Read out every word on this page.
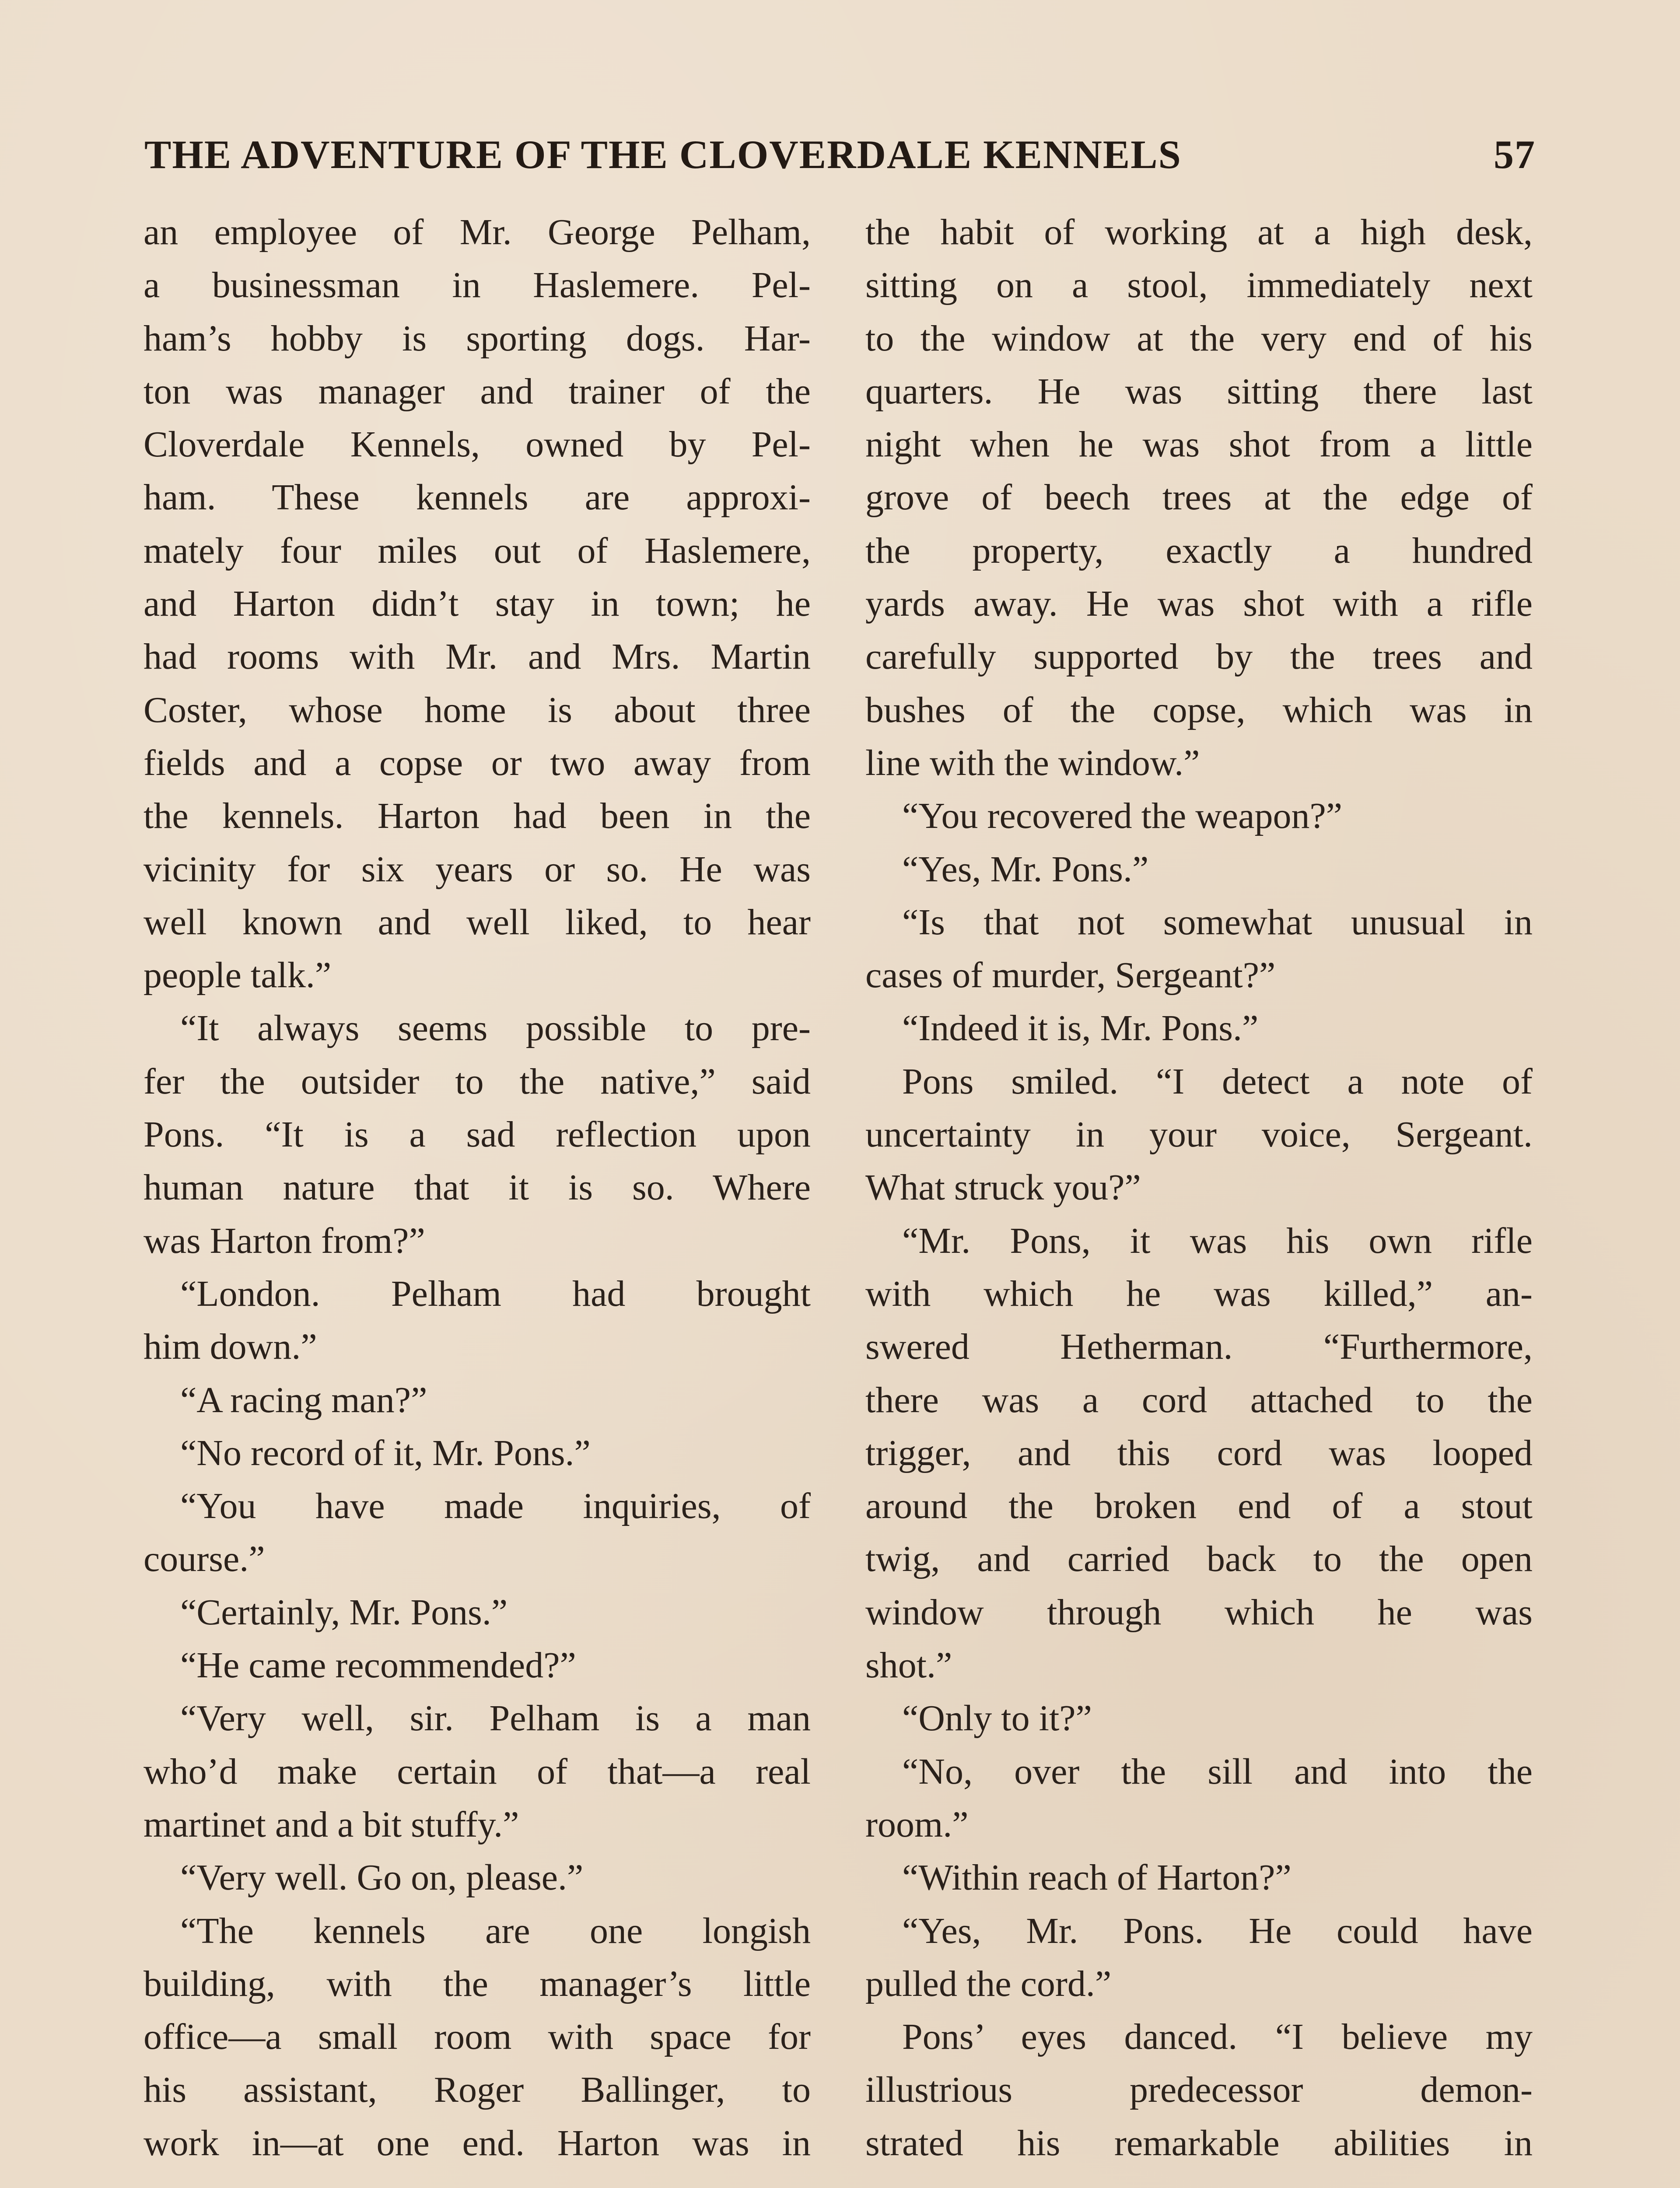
THE ADVENTURE OF THE CLOVERDALE KENNELS	57
an employee of Mr. George Pelham,
a businessman in Haslemere. Pel-
ham’s hobby is sporting dogs. Har-
ton was manager and trainer of the
Cloverdale Kennels, owned by Pel-
ham. These kennels are approxi-
mately four miles out of Haslemere,
and Harton didn’t stay in town; he
had rooms with Mr. and Mrs. Martin
Coster, whose home is about three
fields and a copse or two away from
the kennels. Harton had been in the
vicinity for six years or so. He was
well known and well liked, to hear
people talk.”
“It always seems possible to pre-
fer the outsider to the native,” said
Pons. “It is a sad reflection upon
human nature that it is so. Where
was Harton from?”
“London. Pelham had brought
him down.”
“A racing man?”
“No record of it, Mr. Pons.”
“You have made inquiries, of
course.”
“Certainly, Mr. Pons.”
“He came recommended?”
“Very well, sir. Pelham is a man
who’d make certain of that—a real
martinet and a bit stuffy.”
“Very well. Go on, please.”
“The kennels are one longish
building, with the manager’s little
office—a small room with space for
his assistant, Roger Ballinger, to
work in—at one end. Harton was in
the habit of working at a high desk,
sitting on a stool, immediately next
to the window at the very end of his
quarters. He was sitting there last
night when he was shot from a little
grove of beech trees at the edge of
the property, exactly a hundred
yards away. He was shot with a rifle
carefully supported by the trees and
bushes of the copse, which was in
line with the window.”
“You recovered the weapon?”
“Yes, Mr. Pons.”
“Is that not somewhat unusual in
cases of murder, Sergeant?”
“Indeed it is, Mr. Pons.”
Pons smiled. “I detect a note of
uncertainty in your voice, Sergeant.
What struck you?”
“Mr. Pons, it was his own rifle
with which he was killed,” an-
swered Hetherman. “Furthermore,
there was a cord attached to the
trigger, and this cord was looped
around the broken end of a stout
twig, and carried back to the open
window through which he was
shot.”
“Only to it?”
“No, over the sill and into the
room.”
“Within reach of Harton?”
“Yes, Mr. Pons. He could have
pulled the cord.”
Pons’ eyes danced. “I believe my
illustrious predecessor demon-
strated his remarkable abilities in
